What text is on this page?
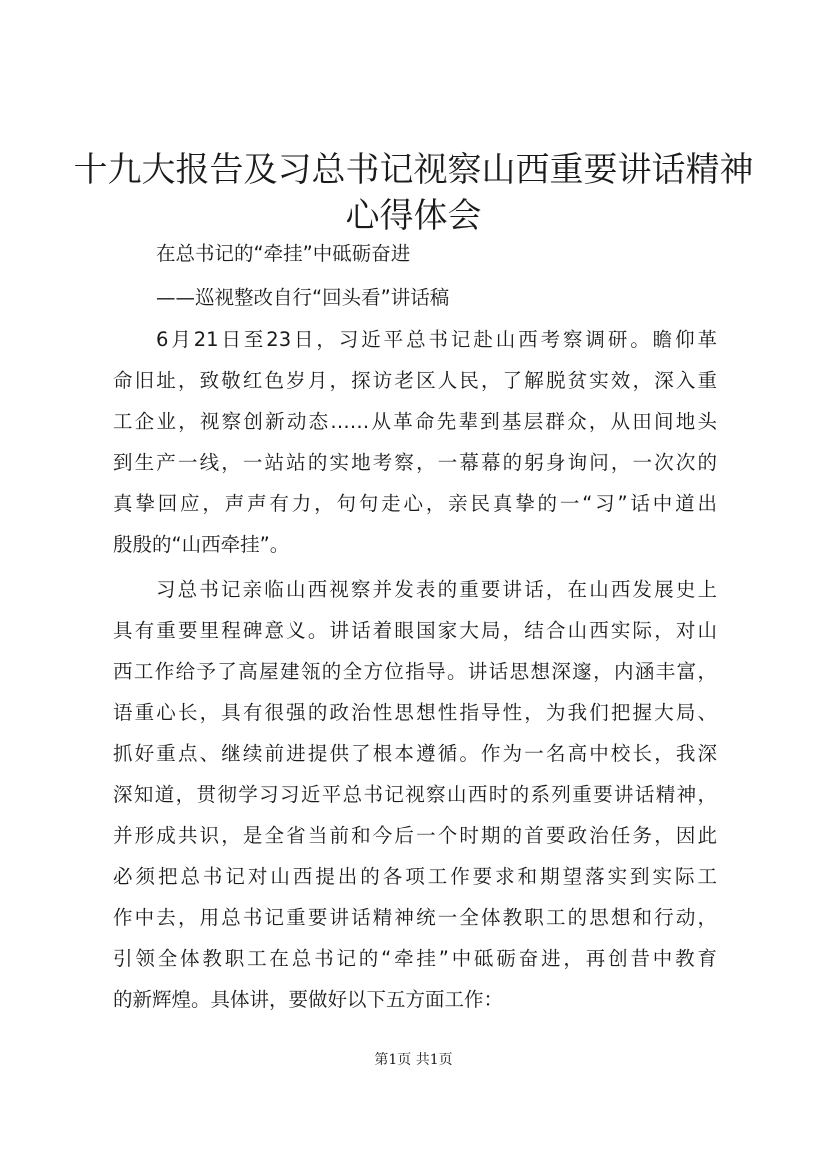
十九大报告及习总书记视察山西重要讲话精神
心得体会

在总书记的“牵挂”中砥砺奋进

——巡视整改自行“回头看”讲话稿

6月21日至23日，习近平总书记赴山西考察调研。瞻仰革

命旧址，致敬红色岁月，探访老区人民，了解脱贫实效，深入重

工企业，视察创新动态……从革命先辈到基层群众，从田间地头

到生产一线，一站站的实地考察，一幕幕的躬身询问，一次次的

真挚回应，声声有力，句句走心，亲民真挚的一“习”话中道出

殷殷的“山西牵挂”。

习总书记亲临山西视察并发表的重要讲话，在山西发展史上

具有重要里程碑意义。讲话着眼国家大局，结合山西实际，对山

西工作给予了高屋建瓴的全方位指导。讲话思想深邃，内涵丰富，

语重心长，具有很强的政治性思想性指导性，为我们把握大局、

抓好重点、继续前进提供了根本遵循。作为一名高中校长，我深

深知道，贯彻学习习近平总书记视察山西时的系列重要讲话精神，

并形成共识，是全省当前和今后一个时期的首要政治任务，因此

必须把总书记对山西提出的各项工作要求和期望落实到实际工

作中去，用总书记重要讲话精神统一全体教职工的思想和行动，

引领全体教职工在总书记的“牵挂”中砥砺奋进，再创昔中教育

的新辉煌。具体讲，要做好以下五方面工作：

第1页 共1页
